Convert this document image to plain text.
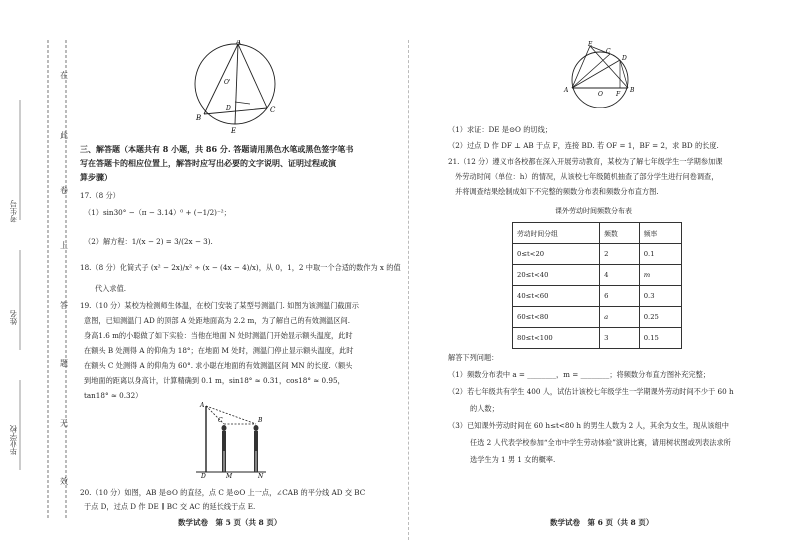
在
此
卷
上
答
题
无
效
考生号
姓名
毕业学校
A
O'
D
B
C
E
三、解答题（本题共有 8 小题，共 86 分. 答题请用黑色水笔或黑色签字笔书
写在答题卡的相应位置上，解答时应写出必要的文字说明、证明过程或演
算步骤）
17.（8 分）
（1）sin30° −（π − 3.14）⁰ + (−1/2)⁻²；
（2）解方程：1/(x − 2) = 3/(2x − 3).
18.（8 分）化简式子 (x² − 2x)/x² ÷ (x − (4x − 4)/x)，从 0，1，2 中取一个合适的数作为 x 的值
代入求值.
19.（10 分）某校为检测师生体温，在校门安装了某型号测温门. 如图为该测温门截面示
意图，已知测温门 AD 的顶部 A 处距地面高为 2.2 m，为了解自己的有效测温区间.
身高1.6 m的小聪做了如下实验：当他在地面 N 处时测温门开始显示额头温度，此时
在额头 B 处测得 A 的仰角为 18°；在地面 M 处时，测温门停止显示额头温度，此时
在额头 C 处测得 A 的仰角为 60°. 求小聪在地面的有效测温区间 MN 的长度.（额头
到地面的距离以身高计，计算精确到 0.1 m，sin18° ≈ 0.31，cos18° ≈ 0.95，
tan18° ≈ 0.32）
A
C	B
D	M	N
20.（10 分）如图，AB 是⊙O 的直径，点 C 是⊙O 上一点，∠CAB 的平分线 AD 交 BC
于点 D，过点 D 作 DE ∥ BC 交 AC 的延长线于点 E.
数学试卷　第 5 页（共 8 页）
E
C
D
A
O F
B
（1）求证：DE 是⊙O 的切线；
（2）过点 D 作 DF ⊥ AB 于点 F，连接 BD. 若 OF = 1，BF = 2，求 BD 的长度.
21.（12 分）遵义市各校都在深入开展劳动教育，某校为了解七年级学生一学期参加课
外劳动时间（单位：h）的情况，从该校七年级随机抽查了部分学生进行问卷调查，
并将调查结果绘制成如下不完整的频数分布表和频数分布直方图.
课外劳动时间频数分布表
劳动时间分组	频数	频率
0≤t<20	2	0.1
20≤t<40	4	m
40≤t<60	6	0.3
60≤t<80	a	0.25
80≤t<100	3	0.15
解答下列问题：
（1）频数分布表中 a = ________，m = ________；将频数分布直方图补充完整；
（2）若七年级共有学生 400 人，试估计该校七年级学生一学期课外劳动时间不少于 60 h
的人数；
（3）已知课外劳动时间在 60 h≤t<80 h 的男生人数为 2 人，其余为女生，现从该组中
任选 2 人代表学校参加“全市中学生劳动体验”演讲比赛，请用树状图或列表法求所
选学生为 1 男 1 女的概率.
数学试卷　第 6 页（共 8 页）
